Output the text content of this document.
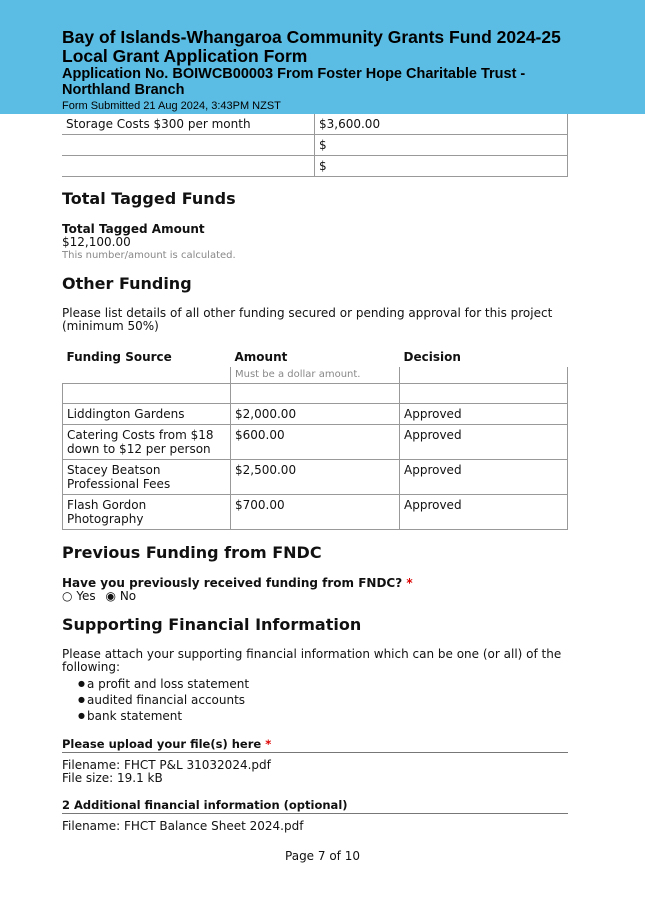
Bay of Islands-Whangaroa Community Grants Fund 2024-25
Local Grant Application Form
Application No. BOIWCB00003 From Foster Hope Charitable Trust -
Northland Branch
Form Submitted 21 Aug 2024, 3:43PM NZST
Storage Costs $300 per month	$3,600.00
	$
	$
Total Tagged Funds
Total Tagged Amount
$12,100.00
This number/amount is calculated.
Other Funding
Please list details of all other funding secured or pending approval for this project (minimum 50%)
Funding Source	Amount	Decision
	Must be a dollar amount.	

Liddington Gardens	$2,000.00	Approved
Catering Costs from $18 down to $12 per person	$600.00	Approved
Stacey Beatson Professional Fees	$2,500.00	Approved
Flash Gordon Photography	$700.00	Approved
Previous Funding from FNDC
Have you previously received funding from FNDC? *
○ Yes ◉ No
Supporting Financial Information
Please attach your supporting financial information which can be one (or all) of the following:
● a profit and loss statement
● audited financial accounts
● bank statement
Please upload your file(s) here *
Filename: FHCT P&L 31032024.pdf
File size: 19.1 kB
2 Additional financial information (optional)
Filename: FHCT Balance Sheet 2024.pdf
Page 7 of 10
